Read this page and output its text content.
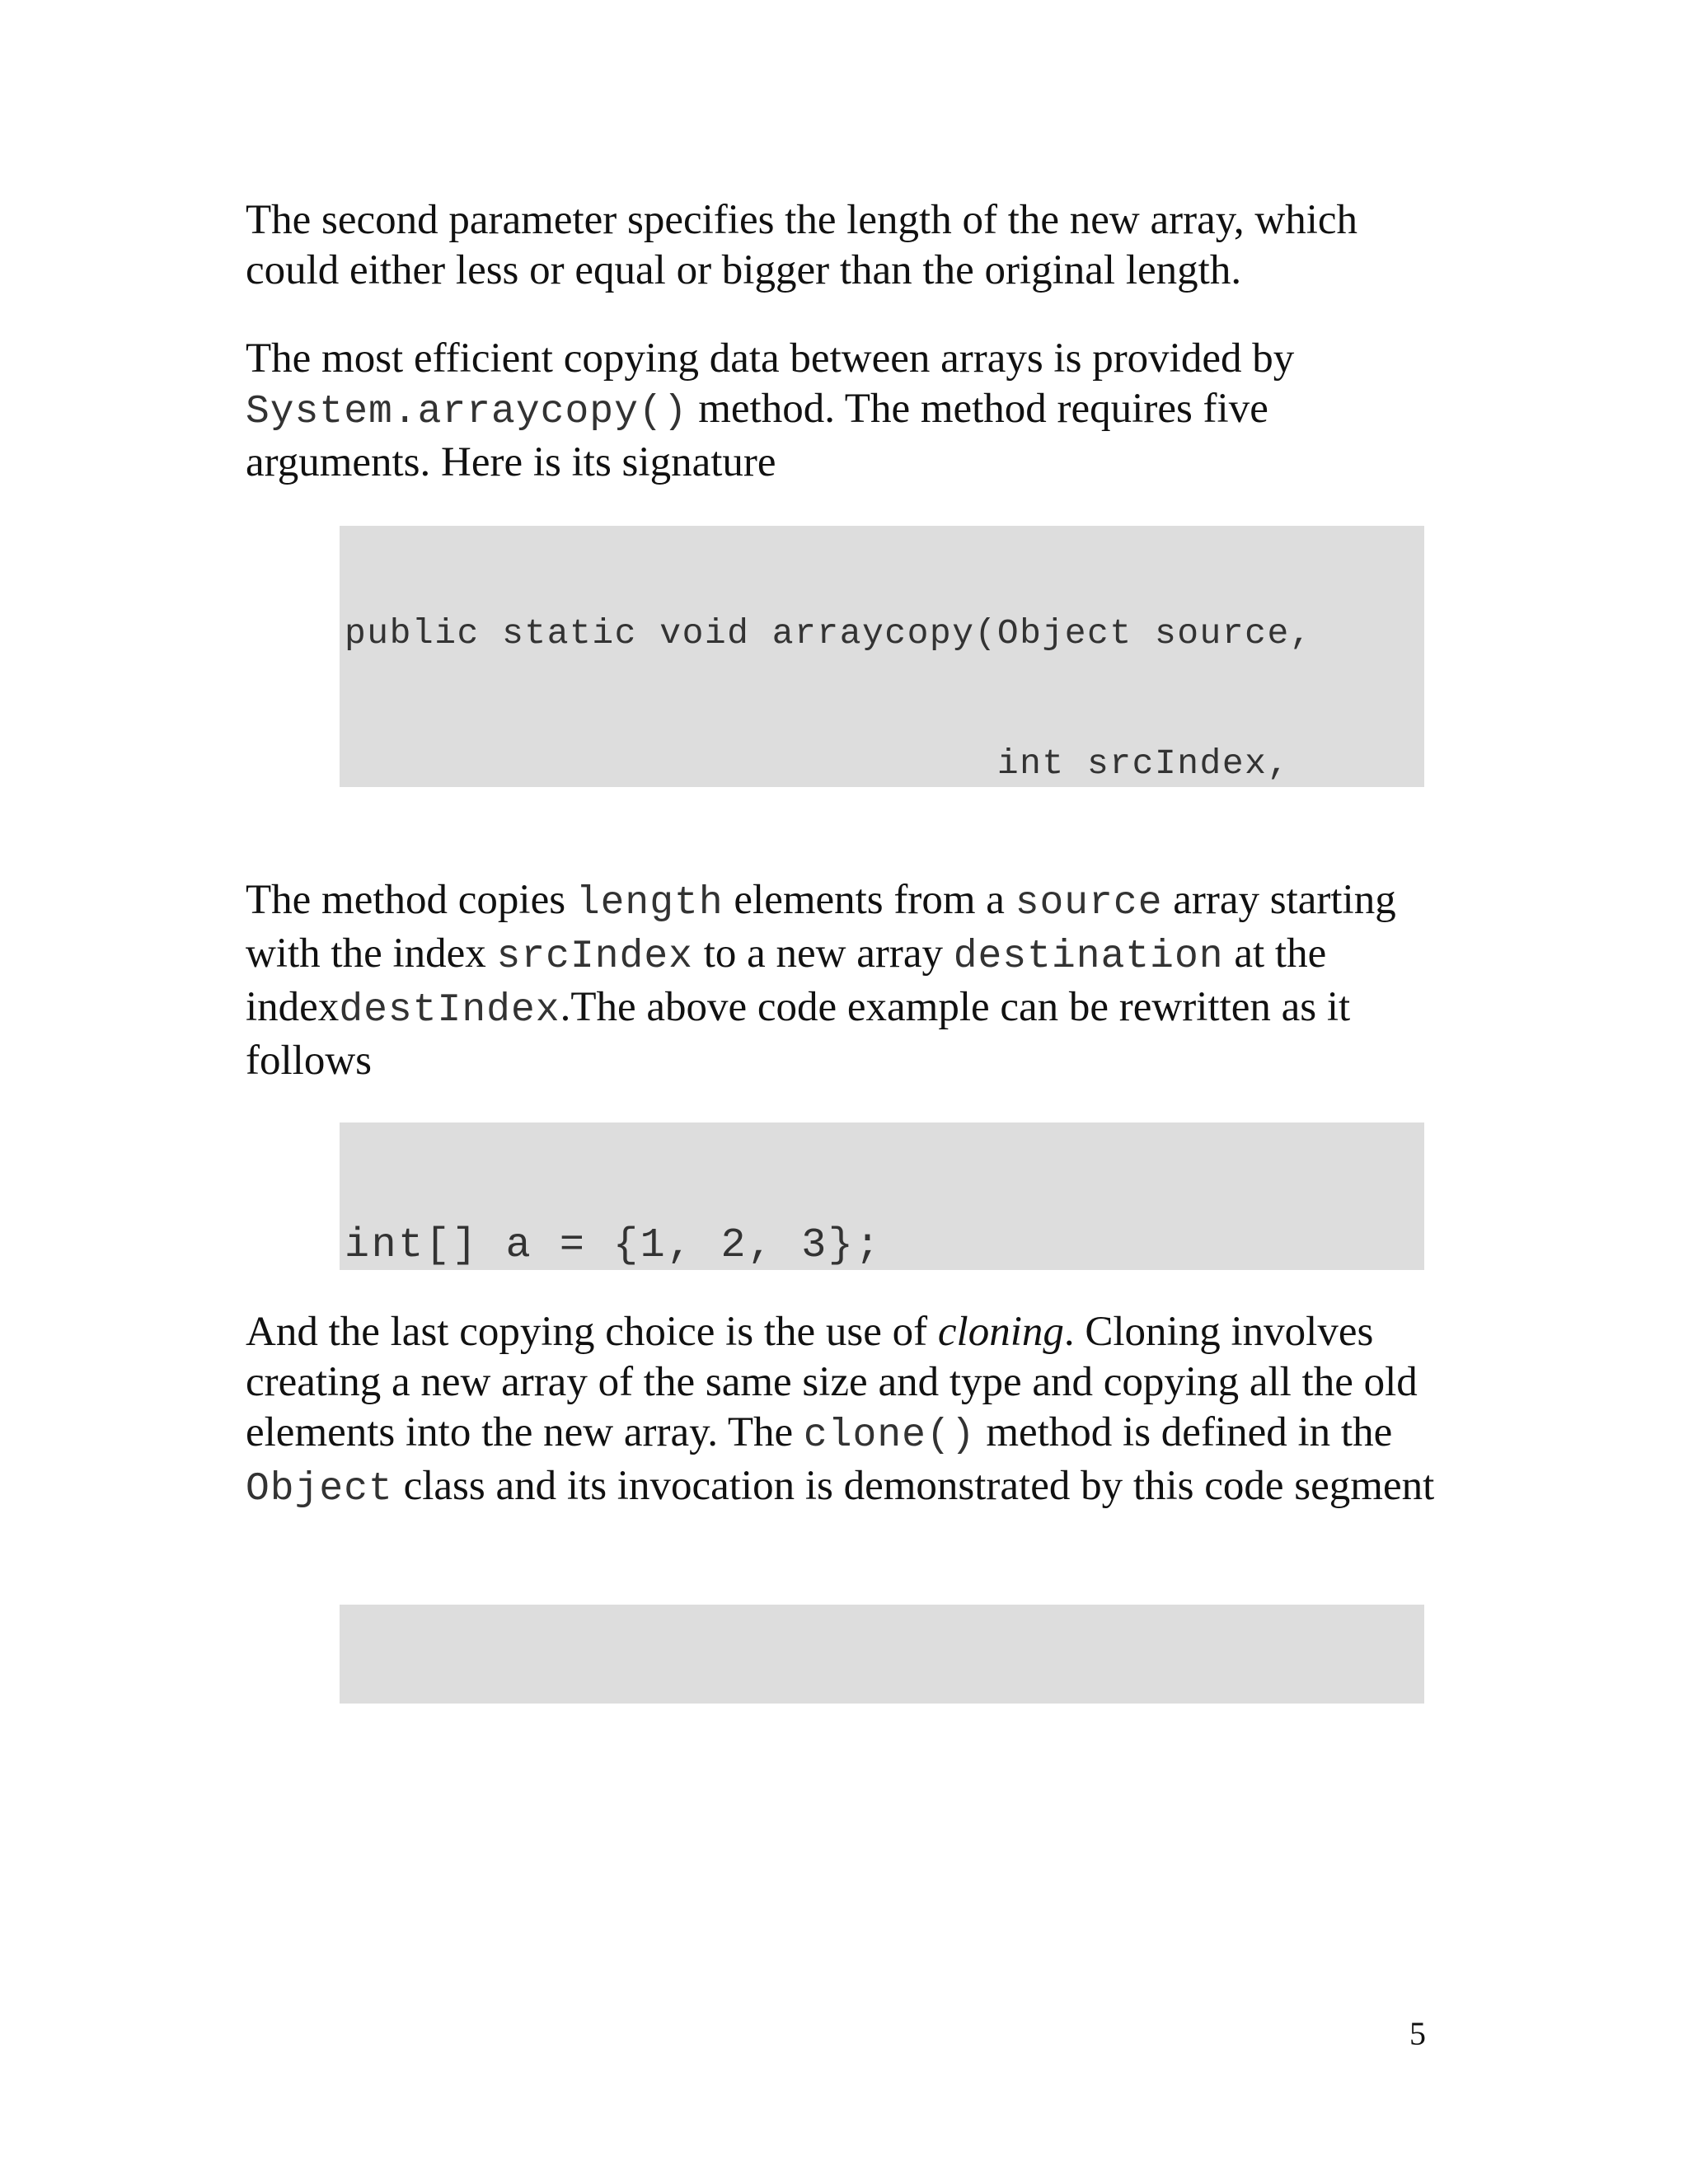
The second parameter specifies the length of the new array, which could either less or equal or bigger than the original length.

The most efficient copying data between arrays is provided by System.arraycopy() method. The method requires five arguments. Here is its signature

public static void arraycopy(Object source,

int srcIndex,

The method copies length elements from a source array starting with the index srcIndex to a new array destination at the indexdestIndex.The above code example can be rewritten as it follows

int[] a = {1, 2, 3};

And the last copying choice is the use of cloning. Cloning involves creating a new array of the same size and type and copying all the old elements into the new array. The clone() method is defined in the Object class and its invocation is demonstrated by this code segment

5
